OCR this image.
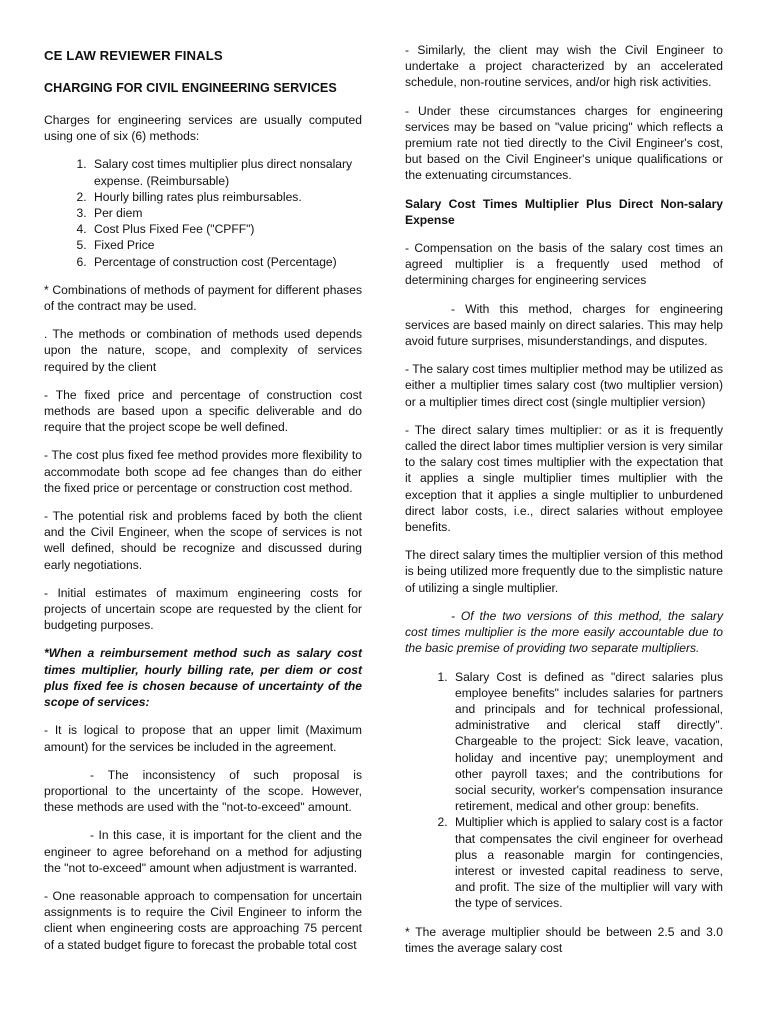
CE LAW REVIEWER FINALS
CHARGING FOR CIVIL ENGINEERING SERVICES

Charges for engineering services are usually computed using one of six (6) methods:

1. Salary cost times multiplier plus direct nonsalary expense. (Reimbursable)
2. Hourly billing rates plus reimbursables.
3. Per diem
4. Cost Plus Fixed Fee ("CPFF")
5. Fixed Price
6. Percentage of construction cost (Percentage)

* Combinations of methods of payment for different phases of the contract may be used.

. The methods or combination of methods used depends upon the nature, scope, and complexity of services required by the client

- The fixed price and percentage of construction cost methods are based upon a specific deliverable and do require that the project scope be well defined.

- The cost plus fixed fee method provides more flexibility to accommodate both scope ad fee changes than do either the fixed price or percentage or construction cost method.

- The potential risk and problems faced by both the client and the Civil Engineer, when the scope of services is not well defined, should be recognize and discussed during early negotiations.

- Initial estimates of maximum engineering costs for projects of uncertain scope are requested by the client for budgeting purposes.

*When a reimbursement method such as salary cost times multiplier, hourly billing rate, per diem or cost plus fixed fee is chosen because of uncertainty of the scope of services:

- It is logical to propose that an upper limit (Maximum amount) for the services be included in the agreement.

- The inconsistency of such proposal is proportional to the uncertainty of the scope. However, these methods are used with the "not-to-exceed" amount.

- In this case, it is important for the client and the engineer to agree beforehand on a method for adjusting the "not to-exceed" amount when adjustment is warranted.

- One reasonable approach to compensation for uncertain assignments is to require the Civil Engineer to inform the client when engineering costs are approaching 75 percent of a stated budget figure to forecast the probable total cost

- Similarly, the client may wish the Civil Engineer to undertake a project characterized by an accelerated schedule, non-routine services, and/or high risk activities.

- Under these circumstances charges for engineering services may be based on "value pricing" which reflects a premium rate not tied directly to the Civil Engineer's cost, but based on the Civil Engineer's unique qualifications or the extenuating circumstances.

Salary Cost Times Multiplier Plus Direct Non-salary Expense

- Compensation on the basis of the salary cost times an agreed multiplier is a frequently used method of determining charges for engineering services

- With this method, charges for engineering services are based mainly on direct salaries. This may help avoid future surprises, misunderstandings, and disputes.

- The salary cost times multiplier method may be utilized as either a multiplier times salary cost (two multiplier version) or a multiplier times direct cost (single multiplier version)

- The direct salary times multiplier: or as it is frequently called the direct labor times multiplier version is very similar to the salary cost times multiplier with the expectation that it applies a single multiplier times multiplier with the exception that it applies a single multiplier to unburdened direct labor costs, i.e., direct salaries without employee benefits.

The direct salary times the multiplier version of this method is being utilized more frequently due to the simplistic nature of utilizing a single multiplier.

- Of the two versions of this method, the salary cost times multiplier is the more easily accountable due to the basic premise of providing two separate multipliers.

1. Salary Cost is defined as "direct salaries plus employee benefits" includes salaries for partners and principals and for technical professional, administrative and clerical staff directly". Chargeable to the project: Sick leave, vacation, holiday and incentive pay; unemployment and other payroll taxes; and the contributions for social security, worker's compensation insurance retirement, medical and other group: benefits.
2. Multiplier which is applied to salary cost is a factor that compensates the civil engineer for overhead plus a reasonable margin for contingencies, interest or invested capital readiness to serve, and profit. The size of the multiplier will vary with the type of services.

* The average multiplier should be between 2.5 and 3.0 times the average salary cost
